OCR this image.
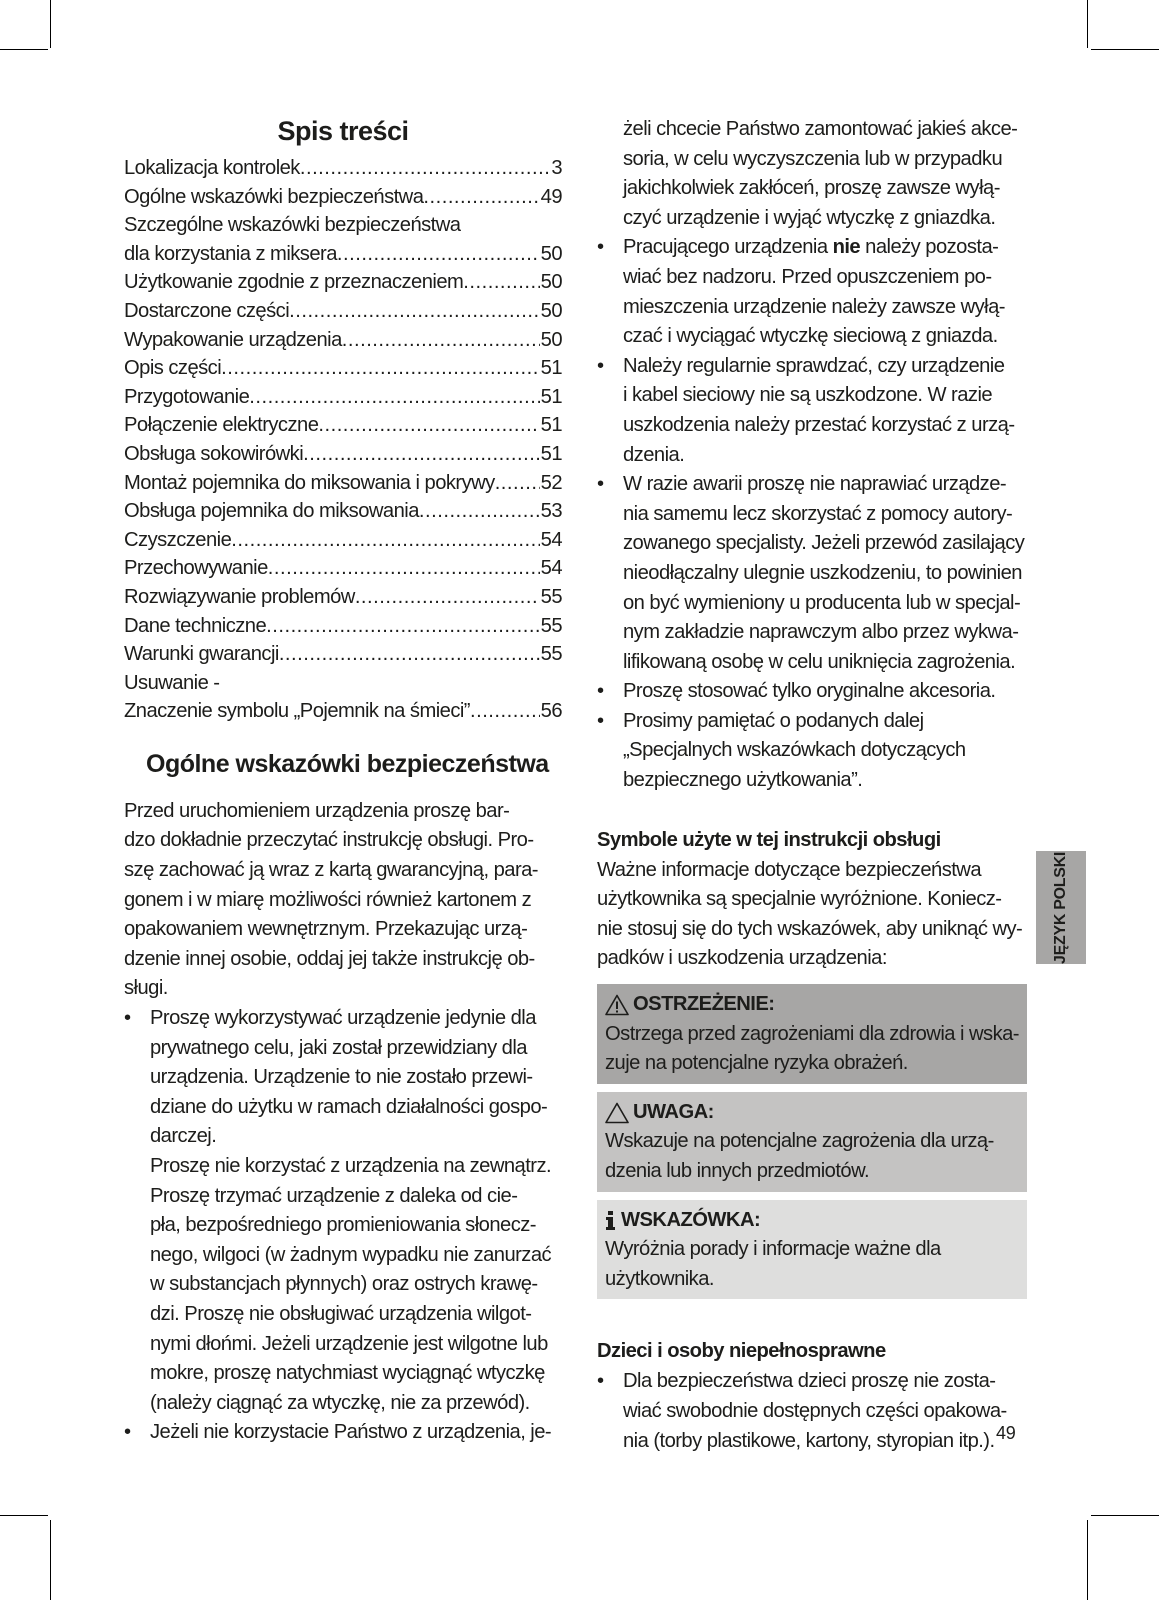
Spis treści
Lokalizacja kontrolek .....	3
Ogólne wskazówki bezpieczeństwa .....	49
Szczególne wskazówki bezpieczeństwa
dla korzystania z miksera .....	50
Użytkowanie zgodnie z przeznaczeniem .....	50
Dostarczone części .....	50
Wypakowanie urządzenia .....	50
Opis części .....	51
Przygotowanie .....	51
Połączenie elektryczne .....	51
Obsługa sokowirówki .....	51
Montaż pojemnika do miksowania i pokrywy ..... 52
Obsługa pojemnika do miksowania .....	53
Czyszczenie .....	54
Przechowywanie .....	54
Rozwiązywanie problemów .....	55
Dane techniczne .....	55
Warunki gwarancji .....	55
Usuwanie -
Znaczenie symbolu „Pojemnik na śmieci” .....	56
Ogólne wskazówki bezpieczeństwa
Przed uruchomieniem urządzenia proszę bar-
dzo dokładnie przeczytać instrukcję obsługi. Pro-
szę zachować ją wraz z kartą gwarancyjną, para-
gonem i w miarę możliwości również kartonem z
opakowaniem wewnętrznym. Przekazując urzą-
dzenie innej osobie, oddaj jej także instrukcję ob-
sługi.
• Proszę wykorzystywać urządzenie jedynie dla
prywatnego celu, jaki został przewidziany dla
urządzenia. Urządzenie to nie zostało przewi-
dziane do użytku w ramach działalności gospo-
darczej.
Proszę nie korzystać z urządzenia na zewnątrz.
Proszę trzymać urządzenie z daleka od cie-
pła, bezpośredniego promieniowania słonecz-
nego, wilgoci (w żadnym wypadku nie zanurzać
w substancjach płynnych) oraz ostrych krawę-
dzi. Proszę nie obsługiwać urządzenia wilgot-
nymi dłońmi. Jeżeli urządzenie jest wilgotne lub
mokre, proszę natychmiast wyciągnąć wtyczkę
(należy ciągnąć za wtyczkę, nie za przewód).
• Jeżeli nie korzystacie Państwo z urządzenia, je-
żeli chcecie Państwo zamontować jakieś akce-
soria, w celu wyczyszczenia lub w przypadku
jakichkolwiek zakłóceń, proszę zawsze wyłą-
czyć urządzenie i wyjąć wtyczkę z gniazdka.
• Pracującego urządzenia nie należy pozosta-
wiać bez nadzoru. Przed opuszczeniem po-
mieszczenia urządzenie należy zawsze wyłą-
czać i wyciągać wtyczkę sieciową z gniazda.
• Należy regularnie sprawdzać, czy urządzenie
i kabel sieciowy nie są uszkodzone. W razie
uszkodzenia należy przestać korzystać z urzą-
dzenia.
• W razie awarii proszę nie naprawiać urządze-
nia samemu lecz skorzystać z pomocy autory-
zowanego specjalisty. Jeżeli przewód zasilający
nieodłączalny ulegnie uszkodzeniu, to powinien
on być wymieniony u producenta lub w specjal-
nym zakładzie naprawczym albo przez wykwa-
lifikowaną osobę w celu uniknięcia zagrożenia.
• Proszę stosować tylko oryginalne akcesoria.
• Prosimy pamiętać o podanych dalej
„Specjalnych wskazówkach dotyczących
bezpiecznego użytkowania”.
Symbole użyte w tej instrukcji obsługi
Ważne informacje dotyczące bezpieczeństwa
użytkownika są specjalnie wyróżnione. Koniecz-
nie stosuj się do tych wskazówek, aby uniknąć wy-
padków i uszkodzenia urządzenia:
OSTRZEŻENIE:
Ostrzega przed zagrożeniami dla zdrowia i wska-
zuje na potencjalne ryzyka obrażeń.
UWAGA:
Wskazuje na potencjalne zagrożenia dla urzą-
dzenia lub innych przedmiotów.
WSKAZÓWKA:
Wyróżnia porady i informacje ważne dla
użytkownika.
Dzieci i osoby niepełnosprawne
• Dla bezpieczeństwa dzieci proszę nie zosta-
wiać swobodnie dostępnych części opakowa-
nia (torby plastikowe, kartony, styropian itp.).
JĘZYK POLSKI
49
